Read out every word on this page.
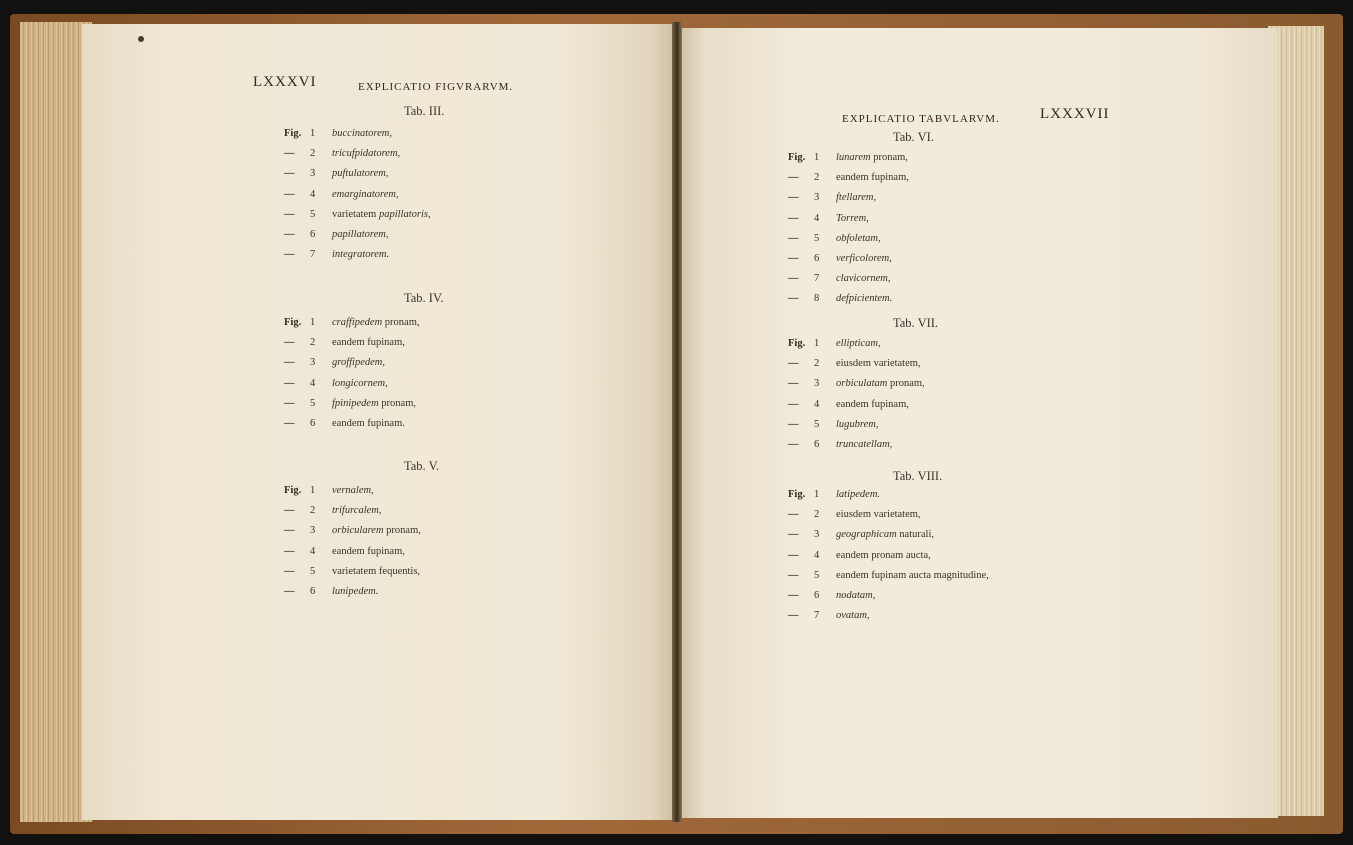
LXXXVI	EXPLICATIO FIGVRARVM.
EXPLICATIO TABVLARVM.	LXXXVII
Tab. III.
Fig. 1 buccinatorem,
— 2 tricufpidatorem,
— 3 puftulatorem,
— 4 emarginatorem,
— 5 varietatem papillatoris,
— 6 papillatorem,
— 7 integratorem.
Tab. IV.
Fig. 1 craffipedem pronam,
— 2 eandem fupinam,
— 3 groffipedem,
— 4 longicornem,
— 5 fpinipedem pronam,
— 6 eandem fupinam.
Tab. V.
Fig. 1 vernalem,
— 2 trifurcalem,
— 3 orbicularem pronam,
— 4 eandem fupinam,
— 5 varietatem fequentis,
— 6 lunipedem.
Tab. VI.
Fig. 1 lunarem pronam,
— 2 eandem fupinam,
— 3 ftellarem,
— 4 Torrem,
— 5 obfoletam,
— 6 verficolorem,
— 7 clavicornem,
— 8 defpicientem.
Tab. VII.
Fig. 1 ellipticam,
— 2 eiusdem varietatem,
— 3 orbiculatam pronam,
— 4 eandem fupinam,
— 5 lugubrem,
— 6 truncatellam,
Tab. VIII.
Fig. 1 latipedem.
— 2 eiusdem varietatem,
— 3 geographicam naturali,
— 4 eandem pronam aucta,
— 5 eandem fupinam aucta magnitudine,
— 6 nodatam,
— 7 ovatam,
